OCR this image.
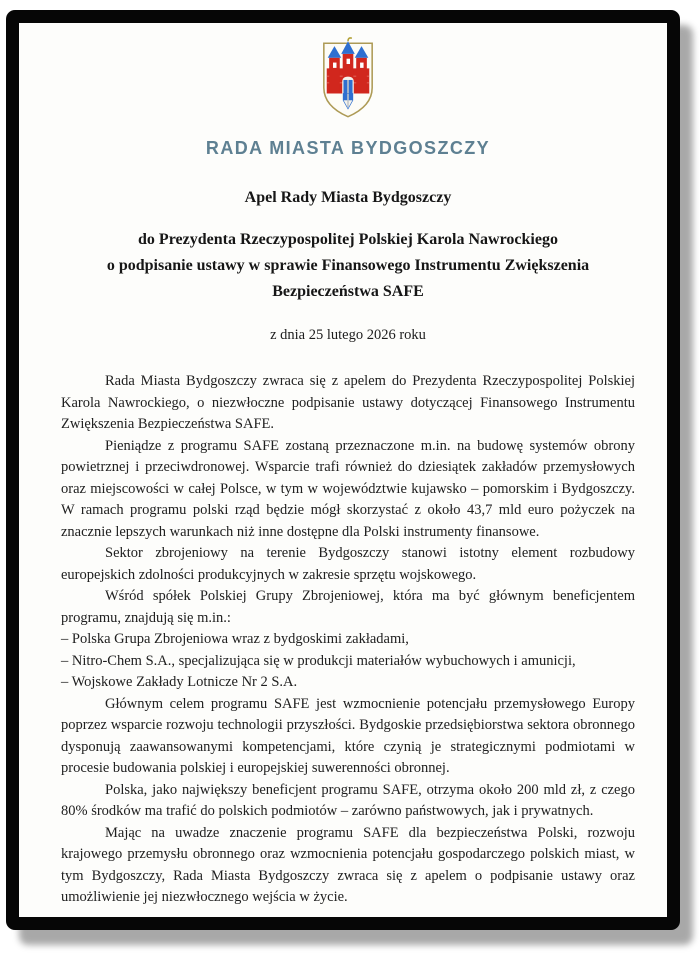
RADA MIASTA BYDGOSZCZY
Apel Rady Miasta Bydgoszczy
do Prezydenta Rzeczypospolitej Polskiej Karola Nawrockiego
o podpisanie ustawy w sprawie Finansowego Instrumentu Zwiększenia
Bezpieczeństwa SAFE
z dnia 25 lutego 2026 roku

Rada Miasta Bydgoszczy zwraca się z apelem do Prezydenta Rzeczypospolitej Polskiej Karola Nawrockiego, o niezwłoczne podpisanie ustawy dotyczącej Finansowego Instrumentu Zwiększenia Bezpieczeństwa SAFE.

Pieniądze z programu SAFE zostaną przeznaczone m.in. na budowę systemów obrony powietrznej i przeciwdronowej. Wsparcie trafi również do dziesiątek zakładów przemysłowych oraz miejscowości w całej Polsce, w tym w województwie kujawsko – pomorskim i Bydgoszczy. W ramach programu polski rząd będzie mógł skorzystać z około 43,7 mld euro pożyczek na znacznie lepszych warunkach niż inne dostępne dla Polski instrumenty finansowe.

Sektor zbrojeniowy na terenie Bydgoszczy stanowi istotny element rozbudowy europejskich zdolności produkcyjnych w zakresie sprzętu wojskowego.

Wśród spółek Polskiej Grupy Zbrojeniowej, która ma być głównym beneficjentem programu, znajdują się m.in.:

– Polska Grupa Zbrojeniowa wraz z bydgoskimi zakładami,

– Nitro-Chem S.A., specjalizująca się w produkcji materiałów wybuchowych i amunicji,

– Wojskowe Zakłady Lotnicze Nr 2 S.A.

Głównym celem programu SAFE jest wzmocnienie potencjału przemysłowego Europy poprzez wsparcie rozwoju technologii przyszłości. Bydgoskie przedsiębiorstwa sektora obronnego dysponują zaawansowanymi kompetencjami, które czynią je strategicznymi podmiotami w procesie budowania polskiej i europejskiej suwerenności obronnej.

Polska, jako największy beneficjent programu SAFE, otrzyma około 200 mld zł, z czego 80% środków ma trafić do polskich podmiotów – zarówno państwowych, jak i prywatnych.

Mając na uwadze znaczenie programu SAFE dla bezpieczeństwa Polski, rozwoju krajowego przemysłu obronnego oraz wzmocnienia potencjału gospodarczego polskich miast, w tym Bydgoszczy, Rada Miasta Bydgoszczy zwraca się z apelem o podpisanie ustawy oraz umożliwienie jej niezwłocznego wejścia w życie.
